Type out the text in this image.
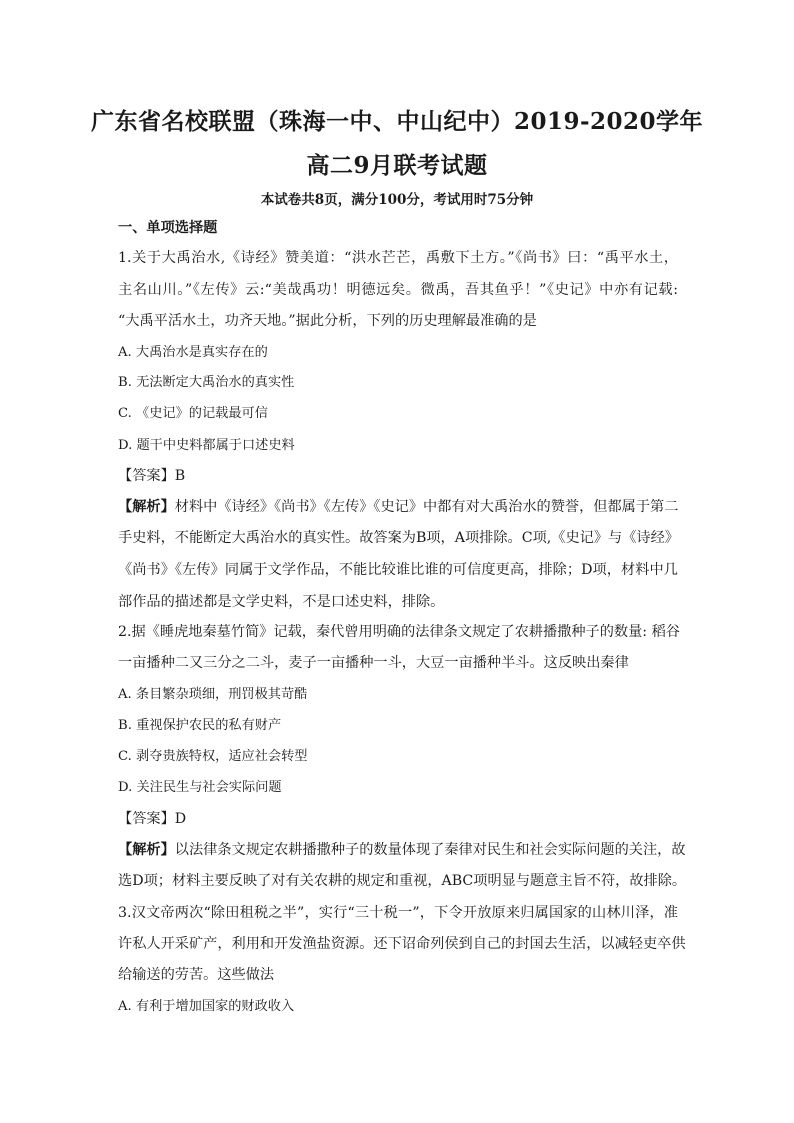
广东省名校联盟（珠海一中、中山纪中）2019-2020学年
高二9月联考试题
本试卷共8页，满分100分，考试用时75分钟
一、单项选择题
1.关于大禹治水,《诗经》赞美道：“洪水芒芒，禹敷下土方。”《尚书》曰：“禹平水土，
主名山川。”《左传》云:“美哉禹功！明德远矣。微禹，吾其鱼乎！”《史记》中亦有记载:
“大禹平活水土，功齐天地。”据此分析，下列的历史理解最准确的是
A. 大禹治水是真实存在的
B. 无法断定大禹治水的真实性
C. 《史记》的记载最可信
D. 题干中史料都属于口述史料
【答案】B
【解析】材料中《诗经》《尚书》《左传》《史记》中都有对大禹治水的赞誉，但都属于第二
手史料，不能断定大禹治水的真实性。故答案为B项，A项排除。C项,《史记》与《诗经》
《尚书》《左传》同属于文学作品，不能比较谁比谁的可信度更高，排除；D项，材料中几
部作品的描述都是文学史料，不是口述史料，排除。
2.据《睡虎地秦墓竹简》记载，秦代曾用明确的法律条文规定了农耕播撒种子的数量: 稻谷
一亩播种二又三分之二斗，麦子一亩播种一斗，大豆一亩播种半斗。这反映出秦律
A. 条目繁杂琐细，刑罚极其苛酷
B. 重视保护农民的私有财产
C. 剥夺贵族特权，适应社会转型
D. 关注民生与社会实际问题
【答案】D
【解析】以法律条文规定农耕播撒种子的数量体现了秦律对民生和社会实际问题的关注，故
选D项；材料主要反映了对有关农耕的规定和重视，ABC项明显与题意主旨不符，故排除。
3.汉文帝两次“除田租税之半”，实行“三十税一”，下令开放原来归属国家的山林川泽，准
许私人开采矿产，利用和开发渔盐资源。还下诏命列侯到自己的封国去生活，以减轻吏卒供
给输送的劳苦。这些做法
A. 有利于增加国家的财政收入
